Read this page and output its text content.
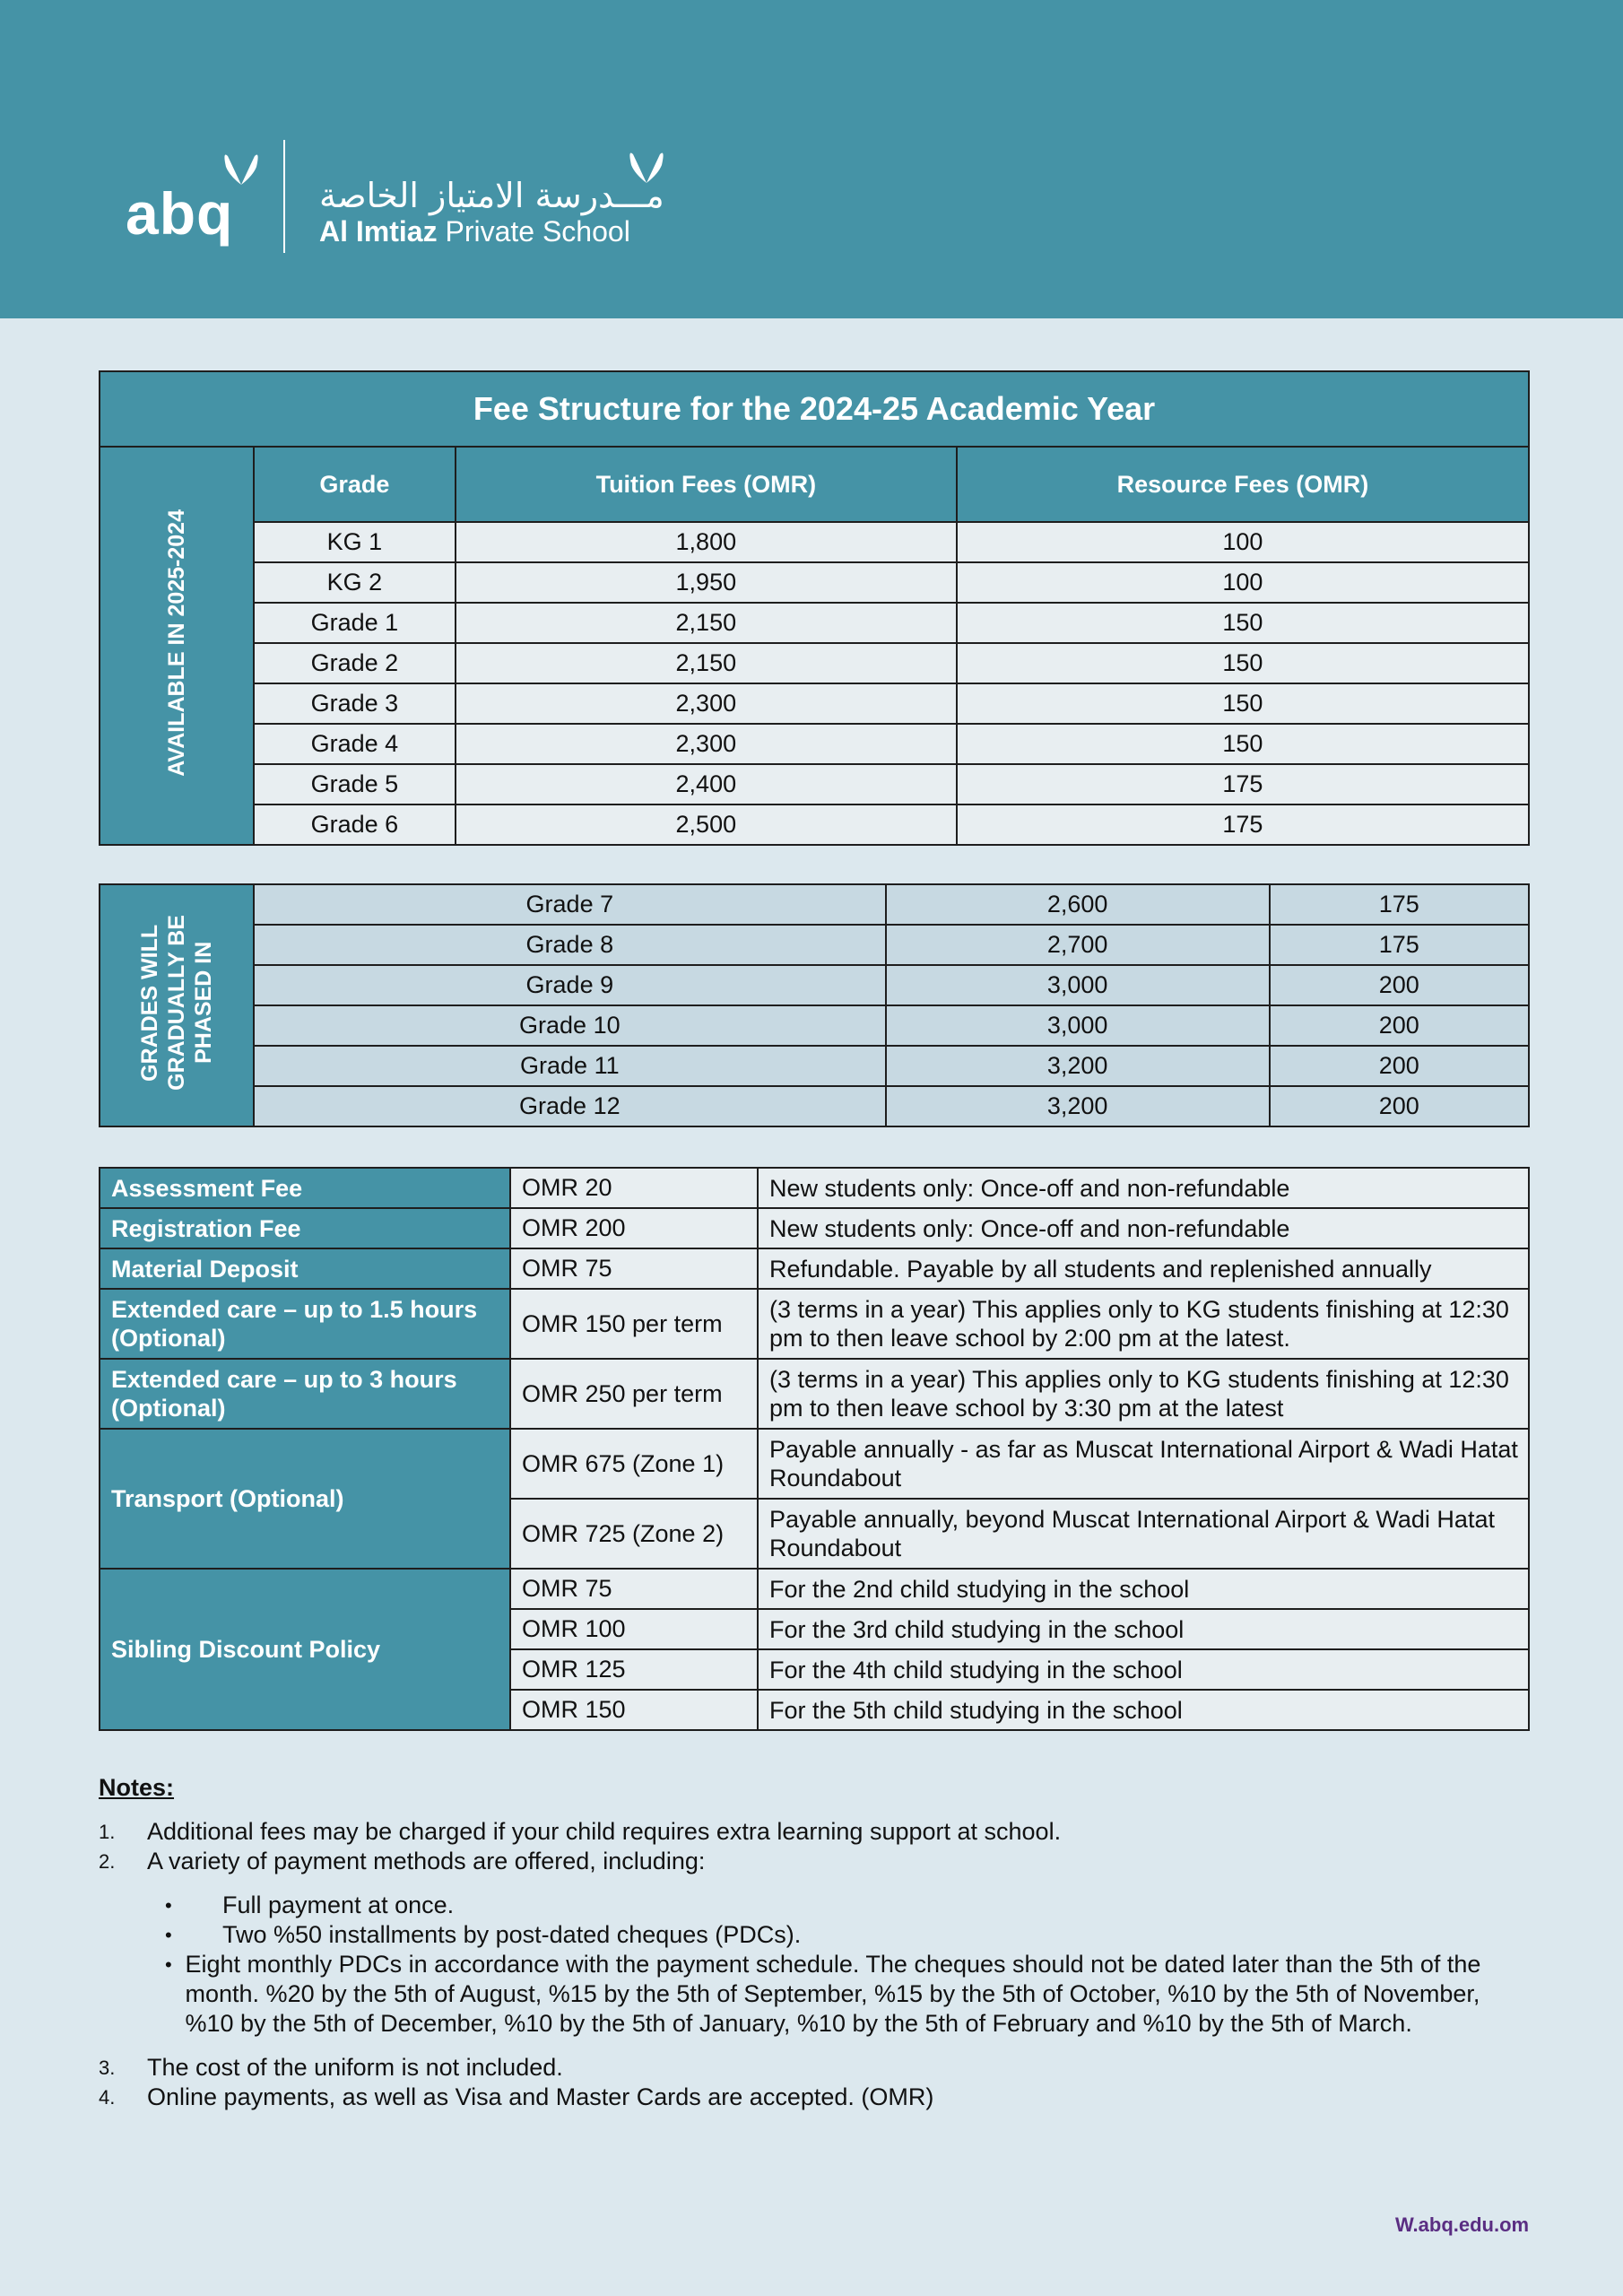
abq	مـــدرسة الامتياز الخاصة
Al Imtiaz Private School
Fee Structure for the 2024-25 Academic Year			
AVAILABLE IN 2025-2024	Grade	Tuition Fees (OMR)	Resource Fees (OMR)
	KG 1	1,800	100
	KG 2	1,950	100
	Grade 1	2,150	150
	Grade 2	2,150	150
	Grade 3	2,300	150
	Grade 4	2,300	150
	Grade 5	2,400	175
	Grade 6	2,500	175
GRADES WILL
GRADUALLY BE
PHASED IN	Grade 7	2,600	175
	Grade 8	2,700	175
	Grade 9	3,000	200
	Grade 10	3,000	200
	Grade 11	3,200	200
	Grade 12	3,200	200
Assessment Fee	OMR 20	New students only: Once-off and non-refundable
Registration Fee	OMR 200	New students only: Once-off and non-refundable
Material Deposit	OMR 75	Refundable. Payable by all students and replenished annually
Extended care – up to 1.5 hours (Optional)	OMR 150 per term	(3 terms in a year) This applies only to KG students finishing at 12:30 pm to then leave school by 2:00 pm at the latest.
Extended care – up to 3 hours (Optional)	OMR 250 per term	(3 terms in a year) This applies only to KG students finishing at 12:30 pm to then leave school by 3:30 pm at the latest
Transport (Optional)	OMR 675 (Zone 1)	Payable annually - as far as Muscat International Airport & Wadi Hatat Roundabout
	OMR 725 (Zone 2)	Payable annually, beyond Muscat International Airport & Wadi Hatat Roundabout
Sibling Discount Policy	OMR 75	For the 2nd child studying in the school
	OMR 100	For the 3rd child studying in the school
	OMR 125	For the 4th child studying in the school
	OMR 150	For the 5th child studying in the school
Notes:
1.	Additional fees may be charged if your child requires extra learning support at school.
2.	A variety of payment methods are offered, including:
•	Full payment at once.
•	Two %50 installments by post-dated cheques (PDCs).
• Eight monthly PDCs in accordance with the payment schedule. The cheques should not be dated later than the 5th of the month. %20 by the 5th of August, %15 by the 5th of September, %15 by the 5th of October, %10 by the 5th of November, %10 by the 5th of December, %10 by the 5th of January, %10 by the 5th of February and %10 by the 5th of March.
3.	The cost of the uniform is not included.
4.	Online payments, as well as Visa and Master Cards are accepted. (OMR)
W.abq.edu.om
